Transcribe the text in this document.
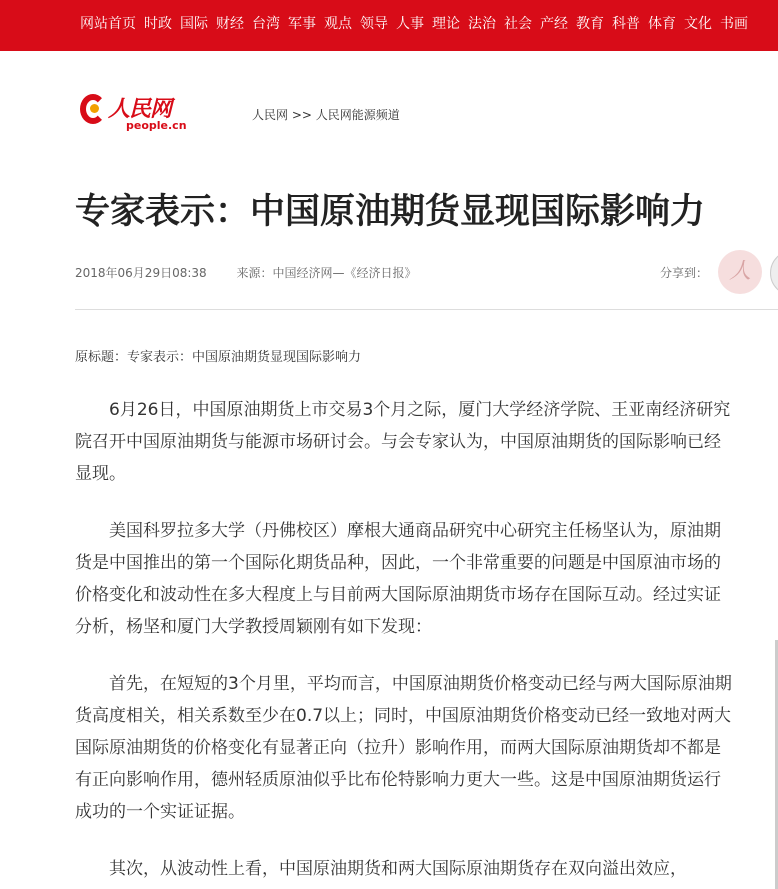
网站首页 时政 国际 财经 台湾 军事 观点 领导 人事 理论 法治 社会 产经 教育 科普 体育 文化 书画
人民网
people.cn
人民网 >> 人民网能源频道
专家表示：中国原油期货显现国际影响力
2018年06月29日08:38 来源：中国经济网—《经济日报》	分享到： 人
原标题：专家表示：中国原油期货显现国际影响力

6月26日，中国原油期货上市交易3个月之际，厦门大学经济学院、王亚南经济研究院召开中国原油期货与能源市场研讨会。与会专家认为，中国原油期货的国际影响已经显现。

美国科罗拉多大学（丹佛校区）摩根大通商品研究中心研究主任杨坚认为，原油期货是中国推出的第一个国际化期货品种，因此，一个非常重要的问题是中国原油市场的价格变化和波动性在多大程度上与目前两大国际原油期货市场存在国际互动。经过实证分析，杨坚和厦门大学教授周颖刚有如下发现：

首先，在短短的3个月里，平均而言，中国原油期货价格变动已经与两大国际原油期货高度相关，相关系数至少在0.7以上；同时，中国原油期货价格变动已经一致地对两大国际原油期货的价格变化有显著正向（拉升）影响作用，而两大国际原油期货却不都是有正向影响作用，德州轻质原油似乎比布伦特影响力更大一些。这是中国原油期货运行成功的一个实证证据。

其次，从波动性上看，中国原油期货和两大国际原油期货存在双向溢出效应，
